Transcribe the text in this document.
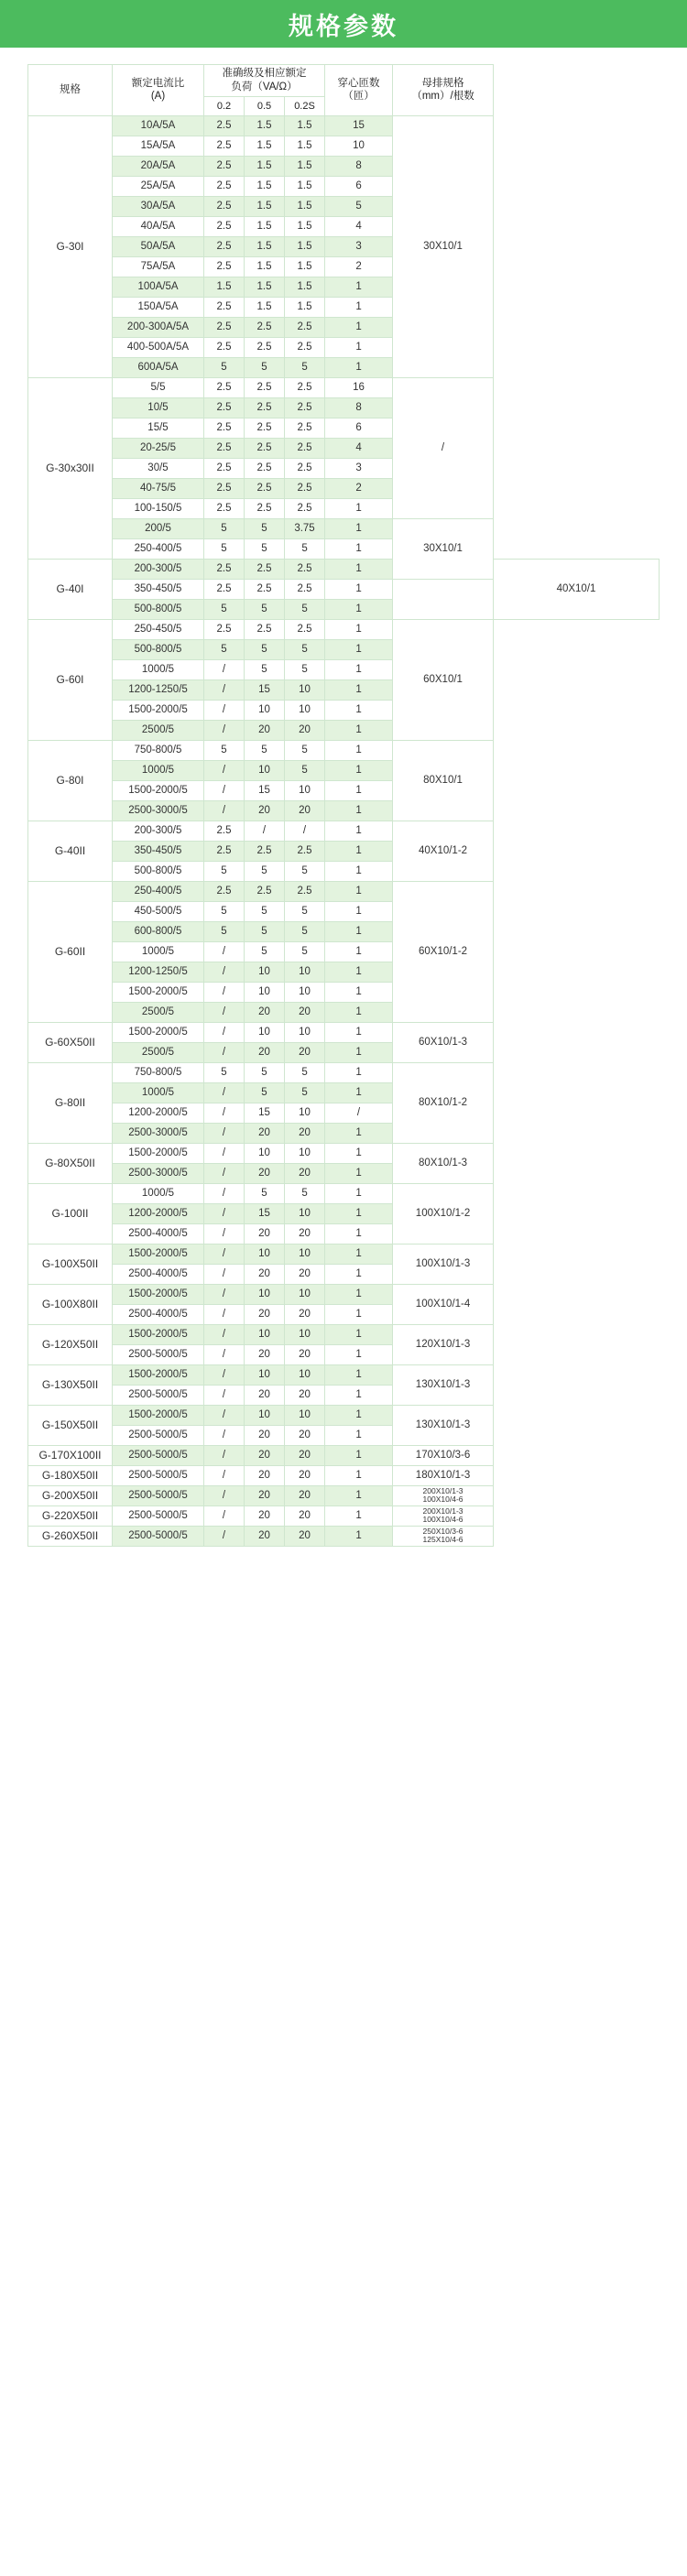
规格参数
规格	
额定电流比
(A)

准确级及相应额定
负荷（VA/Ω）	穿心匝数
（匝）

母排规格
（mm）/根数

		0.2	0.5	0.2S			
G-30I	10A/5A	2.5	1.5	1.5	15	30X10/1	

	15A/5A	2.5	1.5	1.5	10		
	20A/5A	2.5	1.5	1.5	8		
	25A/5A	2.5	1.5	1.5	6		
	30A/5A	2.5	1.5	1.5	5		
	40A/5A	2.5	1.5	1.5	4		
	50A/5A	2.5	1.5	1.5	3		
	75A/5A	2.5	1.5	1.5	2		
	100A/5A	1.5	1.5	1.5	1		
	150A/5A	2.5	1.5	1.5	1		
	200-300A/5A	2.5	2.5	2.5	1		
	400-500A/5A	2.5	2.5	2.5	1		
	600A/5A	5	5	5	1		
G-30x30II	5/5	2.5	2.5	2.5	16	/	

	10/5	2.5	2.5	2.5	8		
	15/5	2.5	2.5	2.5	6		
	20-25/5	2.5	2.5	2.5	4		
	30/5	2.5	2.5	2.5	3		
	40-75/5	2.5	2.5	2.5	2		
	100-150/5	2.5	2.5	2.5	1		
	200/5	5	5	3.75	1	30X10/1	

	250-400/5	5	5	5	1		
G-40I	200-300/5	2.5	2.5	2.5	1		40X10/1

	350-450/5	2.5	2.5	2.5	1		
	500-800/5	5	5	5	1		
G-60I	250-450/5	2.5	2.5	2.5	1	60X10/1	

	500-800/5	5	5	5	1		
	1000/5	/	5	5	1		
	1200-1250/5	/	15	10	1		
	1500-2000/5	/	10	10	1		
	2500/5	/	20	20	1		
G-80I	750-800/5	5	5	5	1	80X10/1	

	1000/5	/	10	5	1		
	1500-2000/5	/	15	10	1		
	2500-3000/5	/	20	20	1		
G-40II	200-300/5	2.5	/	/	1	40X10/1-2	

	350-450/5	2.5	2.5	2.5	1		
	500-800/5	5	5	5	1		
G-60II	250-400/5	2.5	2.5	2.5	1	60X10/1-2	

	450-500/5	5	5	5	1		
	600-800/5	5	5	5	1		
	1000/5	/	5	5	1		
	1200-1250/5	/	10	10	1		
	1500-2000/5	/	10	10	1		
	2500/5	/	20	20	1		
G-60X50II	1500-2000/5	/	10	10	1	60X10/1-3	

	2500/5	/	20	20	1		
G-80II	750-800/5	5	5	5	1	80X10/1-2	

	1000/5	/	5	5	1		
	1200-2000/5	/	15	10	/		
	2500-3000/5	/	20	20	1		
G-80X50II	1500-2000/5	/	10	10	1	80X10/1-3	

	2500-3000/5	/	20	20	1		
G-100II	1000/5	/	5	5	1	100X10/1-2	

	1200-2000/5	/	15	10	1		
	2500-4000/5	/	20	20	1		
G-100X50II	1500-2000/5	/	10	10	1	100X10/1-3	

	2500-4000/5	/	20	20	1		
G-100X80II	1500-2000/5	/	10	10	1	100X10/1-4	

	2500-4000/5	/	20	20	1		
G-120X50II	1500-2000/5	/	10	10	1	120X10/1-3	

	2500-5000/5	/	20	20	1		
G-130X50II	1500-2000/5	/	10	10	1	130X10/1-3	

	2500-5000/5	/	20	20	1		
G-150X50II	1500-2000/5	/	10	10	1	130X10/1-3	

	2500-5000/5	/	20	20	1		
G-170X100II	2500-5000/5	/	20	20	1	170X10/3-6	

G-180X50II	2500-5000/5	/	20	20	1	180X10/1-3	

G-200X50II	2500-5000/5	/	20	20	1	200X10/1-3
100X10/4-6	

G-220X50II	2500-5000/5	/	20	20	1	200X10/1-3
100X10/4-6	

G-260X50II	2500-5000/5	/	20	20	1	250X10/3-6
125X10/4-6	
